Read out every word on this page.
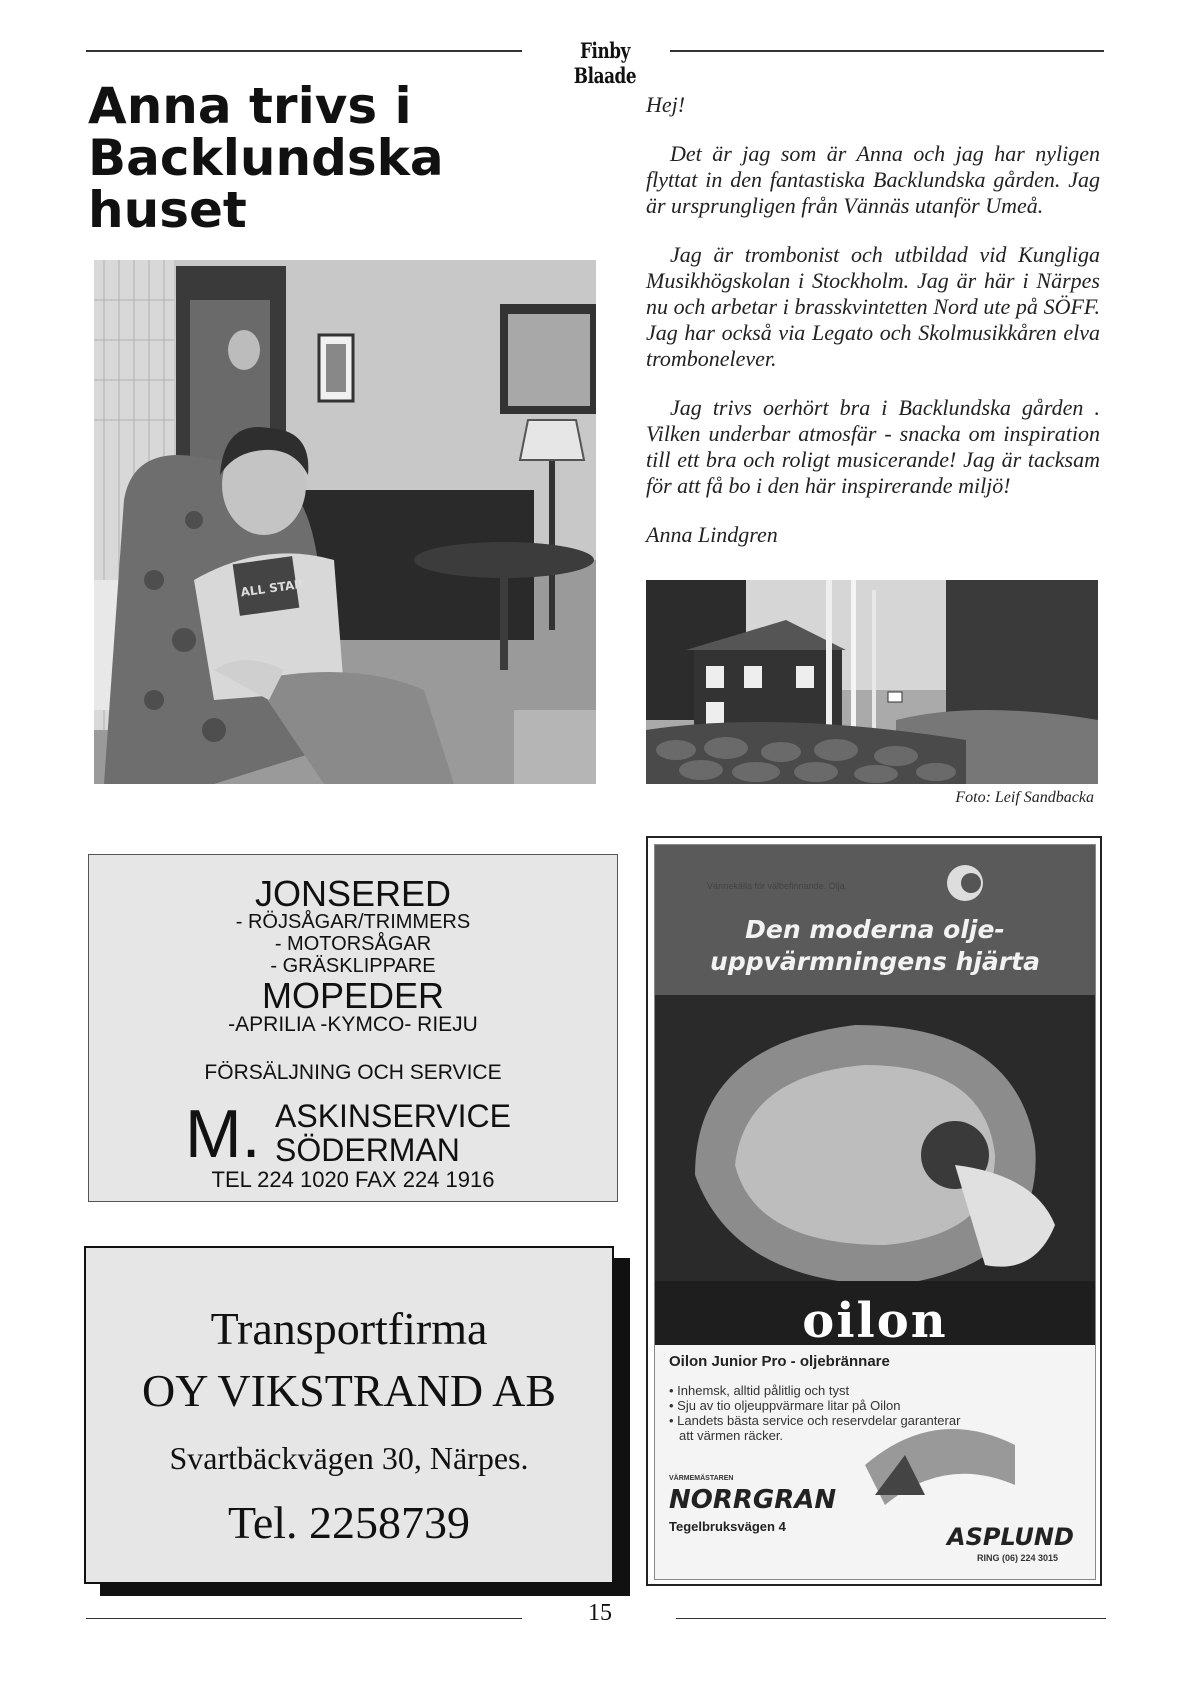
Finby Blaade
Anna trivs i
Backlundska
huset
ALL STAR

Hej!

Det är jag som är Anna och jag har nyligen flyttat in den fantastiska Backlundska gården. Jag är ursprungligen från Vännäs utanför Umeå.

Jag är trombonist och utbildad vid Kungliga Musikhögskolan i Stockholm. Jag är här i Närpes nu och arbetar i brasskvintetten Nord ute på SÖFF. Jag har också via Legato och Skolmusikkåren elva trombonelever.

Jag trivs oerhört bra i Backlundska gården . Vilken underbar atmosfär - snacka om inspiration till ett bra och roligt musicerande! Jag är tacksam för att få bo i den här inspirerande miljö!

Anna Lindgren

Foto: Leif Sandbacka
JONSERED
- RÖJSÅGAR/TRIMMERS
- MOTORSÅGAR
- GRÄSKLIPPARE
MOPEDER
-APRILIA -KYMCO- RIEJU
FÖRSÄLJNING OCH SERVICE
M. ASKINSERVICE
SÖDERMAN
TEL 224 1020 FAX 224 1916
Transportfirma
OY VIKSTRAND AB
Svartbäckvägen 30, Närpes.
Tel. 2258739
Värmekälla för välbefinnande. Olja.
Den moderna olje-
uppvärmningens hjärta
oilon
Oilon Junior Pro - oljebrännare
• Inhemsk, alltid pålitlig och tyst
• Sju av tio oljeuppvärmare litar på Oilon
• Landets bästa service och reservdelar garanterar
att värmen räcker.
VÄRMEMÄSTAREN
NORRGRAN
Tegelbruksvägen 4	ASPLUND
RING (06) 224 3015
15
